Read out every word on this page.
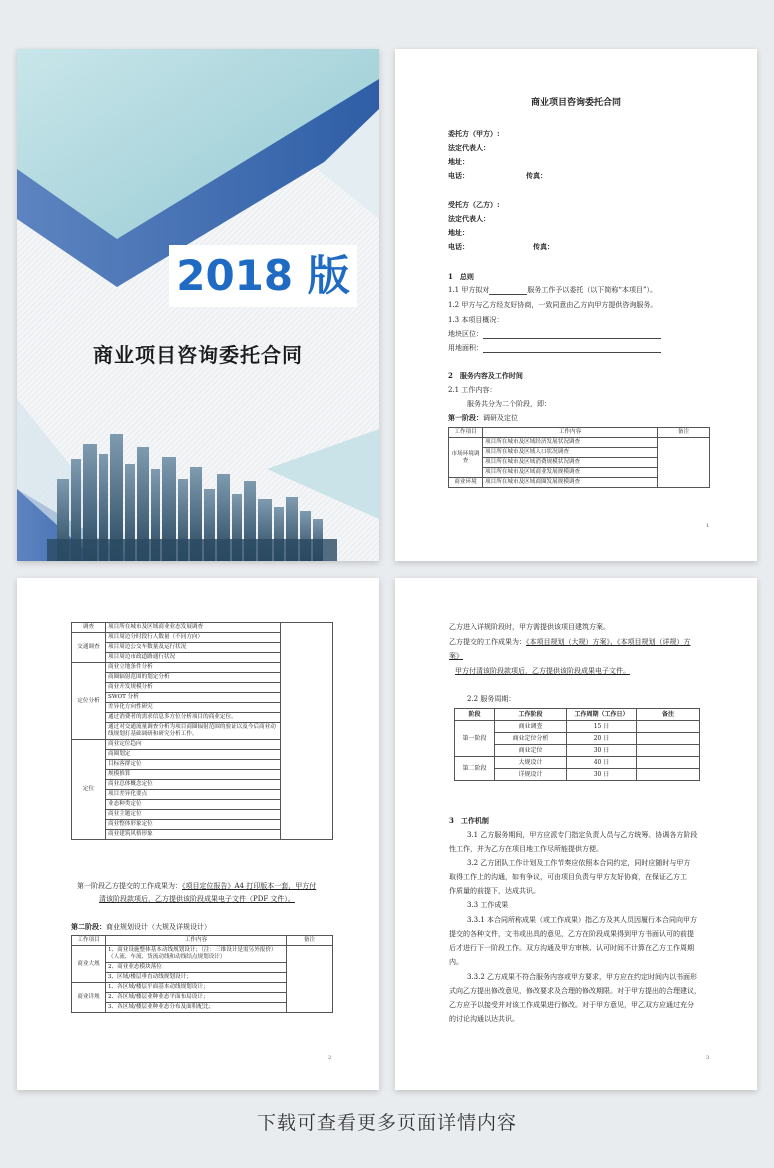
2018 版
商业项目咨询委托合同
商业项目咨询委托合同
委托方（甲方）:
法定代表人：
地址：
电话：	传真：
受托方（乙方）:
法定代表人：
地址：
电话：	传真：
1　总则
1.1 甲方拟对	服务工作予以委托（以下简称“本项目”）。
1.2 甲方与乙方经友好协商，一致同意由乙方向甲方提供咨询服务。
1.3 本项目概况：
地块区位：
用地面积：
2　服务内容及工作时间
2.1 工作内容：
服务共分为二个阶段，即：
第一阶段：调研及定位
工作项目	工作内容	备注
市场环境调查	项目所在城市及区域经济发展状况调查	
	项目所在城市及区域人口状况调查	
	项目所在城市及区域消费规模状况调查	
	项目所在城市及区域商业发展规模调查	
商业环境	项目所在城市及区域商圈发展规模调查	
1
调查	项目所在城市及区域商业业态发展调查	
交通调查	项目周边分时段行人数量（不同方向）	
	项目周边公交车数量及运行状况	
	项目周边市政道路通行状况	
定位分析	商业立地条件分析	
	商圈辐射范围的划定分析	
	商业开发规模分析	
	SWOT 分析	
	差异化方向性研究	
	通过消费者的需求信息多方位分析项目的商业定位。	
	通过对交通流量调查分析为项目商圈辐射范围的验证以及今后商业动线规划打基础调研和研究分析工作。	
定位	商业定位趋向	
	商圈划定	
	目标客群定位	
	规模推算	
	商业总体概念定位	
	项目差异化要点	
	业态种类定位	
	商业主题定位	
	商业整体形象定位	
	商业建筑风格形象	
第一阶段乙方提交的工作成果为：《项目定位报告》A4 打印版本一套，甲方付
清该阶段款项后，乙方提供该阶段成果电子文件（PDF 文件）。
第二阶段：商业规划设计（大规及详规设计）
工作项目	工作内容	备注
商业大规	1、商业设施整体基本动线规划设计；（注：三维设计是需另外报价）（人流、车流、货流动线和动线结点规划设计）	
	2、商业业态模块落位	
	3、区域/楼层垂直动线规划设计；	
商业详规	1、各区域/楼层平面基本动线规划设计；	
	2、各区域/楼层业种业态平面布局设计；	
	3、各区域/楼层业种业态分布及面积配比；	
2
乙方进入详规阶段时，甲方需提供该项目建筑方案。
乙方提交的工作成果为：《本项目规划（大规）方案》、《本项目规划（详规）方
案》
甲方付清该阶段款项后，乙方提供该阶段成果电子文件。
2.2 服务周期：
阶段	工作阶段	工作周期（工作日）	备注
第一阶段	商业调查	15 日	
	商业定位分析	20 日	
	商业定位	30 日	
第二阶段	大规设计	40 日	
	详规设计	30 日	
3　工作机制
3.1 乙方服务期间，甲方应派专门指定负责人员与乙方统筹、协调各方阶段
性工作，并为乙方在项目地工作尽所能提供方便。
3.2 乙方团队工作计划及工作节奏应依照本合同约定，同时应随时与甲方
取得工作上的沟通，如有争议，可由项目负责与甲方友好协商，在保证乙方工
作质量的前提下，达成共识。
3.3 工作成果
3.3.1 本合同所称成果（或工作成果）指乙方及其人员因履行本合同向甲方
提交的各种文件，文书或出具的意见，乙方在阶段成果得到甲方书面认可的前提
后才进行下一阶段工作。双方沟通及甲方审核、认可时间不计算在乙方工作周期
内。
3.3.2 乙方成果不符合服务内容或甲方要求，甲方应在约定时间内以书面形
式向乙方提出修改意见，修改要求及合理的修改期限。对于甲方提出的合理建议，
乙方应予以接受并对该工作成果进行修改。对于甲方意见，甲乙双方应通过充分
的讨论沟通以达共识。
3
下载可查看更多页面详情内容
